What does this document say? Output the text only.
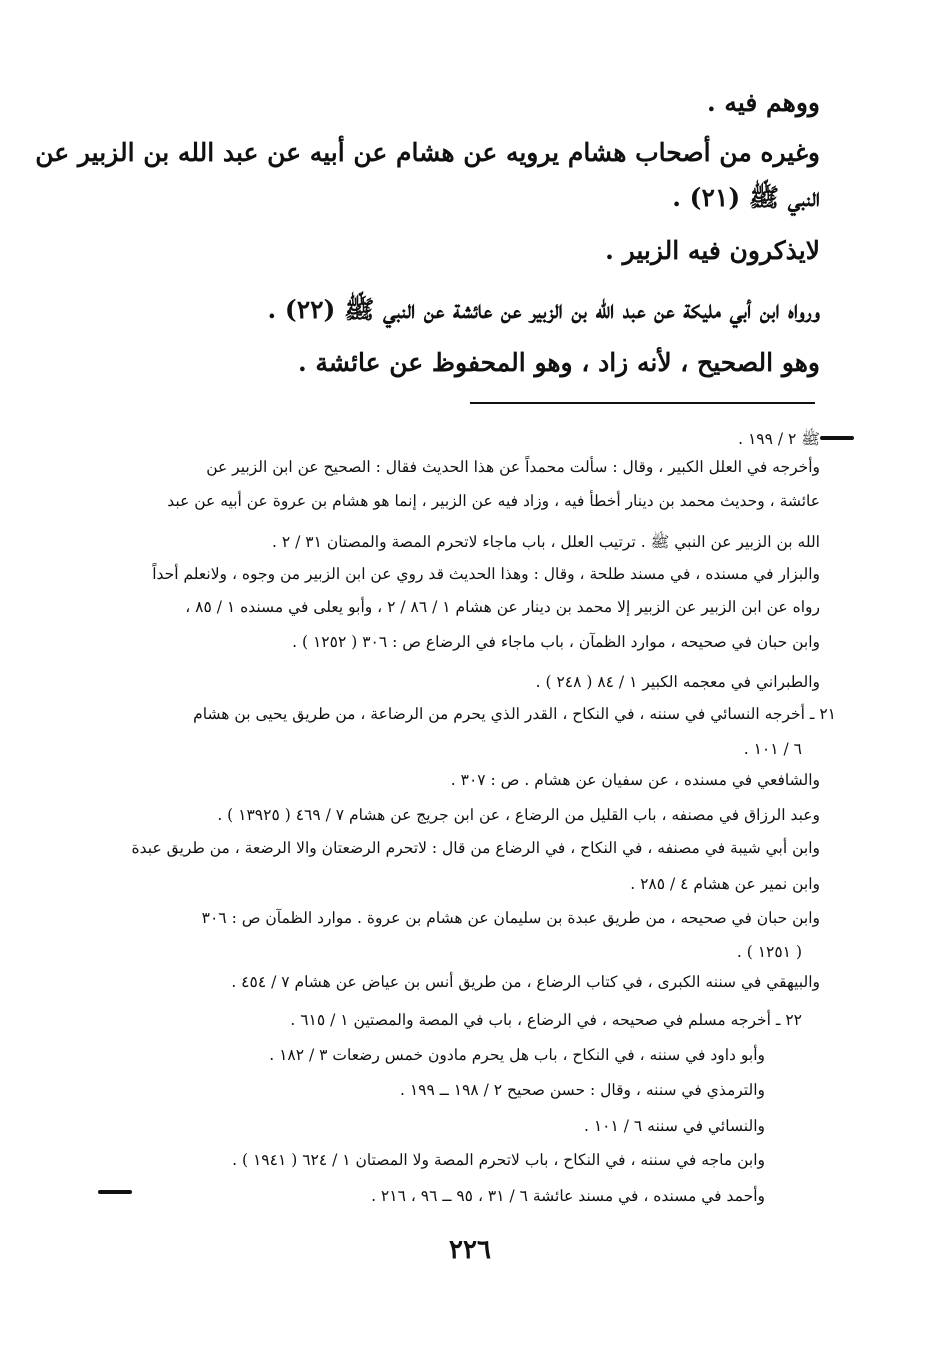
ووهم فيه .
وغيره من أصحاب هشام يرويه عن هشام عن أبيه عن عبد الله بن الزبير عن
النبي ﷺ (٢١) .
لايذكرون فيه الزبير .
ورواه ابن أبي مليكة عن عبد الله بن الزبير عن عائشة عن النبي ﷺ (٢٢) .
وهو الصحيح ، لأنه زاد ، وهو المحفوظ عن عائشة .
ﷺ ٢ / ١٩٩ .
وأخرجه في العلل الكبير ، وقال : سألت محمداً عن هذا الحديث فقال : الصحيح عن ابن الزبير عن
عائشة ، وحديث محمد بن دينار أخطأ فيه ، وزاد فيه عن الزبير ، إنما هو هشام بن عروة عن أبيه عن عبد
الله بن الزبير عن النبي ﷺ . ترتيب العلل ، باب ماجاء لاتحرم المصة والمصتان ٣١ / ٢ .
والبزار في مسنده ، في مسند طلحة ، وقال : وهذا الحديث قد روي عن ابن الزبير من وجوه ، ولانعلم أحداً
رواه عن ابن الزبير عن الزبير إلا محمد بن دينار عن هشام ١ / ٨٦ / ٢ ، وأبو يعلى في مسنده ١ / ٨٥ ،
وابن حبان في صحيحه ، موارد الظمآن ، باب ماجاء في الرضاع ص : ٣٠٦ ( ١٢٥٢ ) .
والطبراني في معجمه الكبير ١ / ٨٤ ( ٢٤٨ ) .
٢١ ـ أخرجه النسائي في سننه ، في النكاح ، القدر الذي يحرم من الرضاعة ، من طريق يحيى بن هشام
٦ / ١٠١ .
والشافعي في مسنده ، عن سفيان عن هشام . ص : ٣٠٧ .
وعبد الرزاق في مصنفه ، باب القليل من الرضاع ، عن ابن جريج عن هشام ٧ / ٤٦٩ ( ١٣٩٢٥ ) .
وابن أبي شيبة في مصنفه ، في النكاح ، في الرضاع من قال : لاتحرم الرضعتان والا الرضعة ، من طريق عبدة
وابن نمير عن هشام ٤ / ٢٨٥ .
وابن حبان في صحيحه ، من طريق عبدة بن سليمان عن هشام بن عروة . موارد الظمآن ص : ٣٠٦
( ١٢٥١ ) .
والبيهقي في سننه الكبرى ، في كتاب الرضاع ، من طريق أنس بن عياض عن هشام ٧ / ٤٥٤ .
٢٢ ـ أخرجه مسلم في صحيحه ، في الرضاع ، باب في المصة والمصتين ١ / ٦١٥ .
وأبو داود في سننه ، في النكاح ، باب هل يحرم مادون خمس رضعات ٣ / ١٨٢ .
والترمذي في سننه ، وقال : حسن صحيح ٢ / ١٩٨ ــ ١٩٩ .
والنسائي في سننه ٦ / ١٠١ .
وابن ماجه في سننه ، في النكاح ، باب لاتحرم المصة ولا المصتان ١ / ٦٢٤ ( ١٩٤١ ) .
وأحمد في مسنده ، في مسند عائشة ٦ / ٣١ ، ٩٥ ــ ٩٦ ، ٢١٦ .
٢٢٦
